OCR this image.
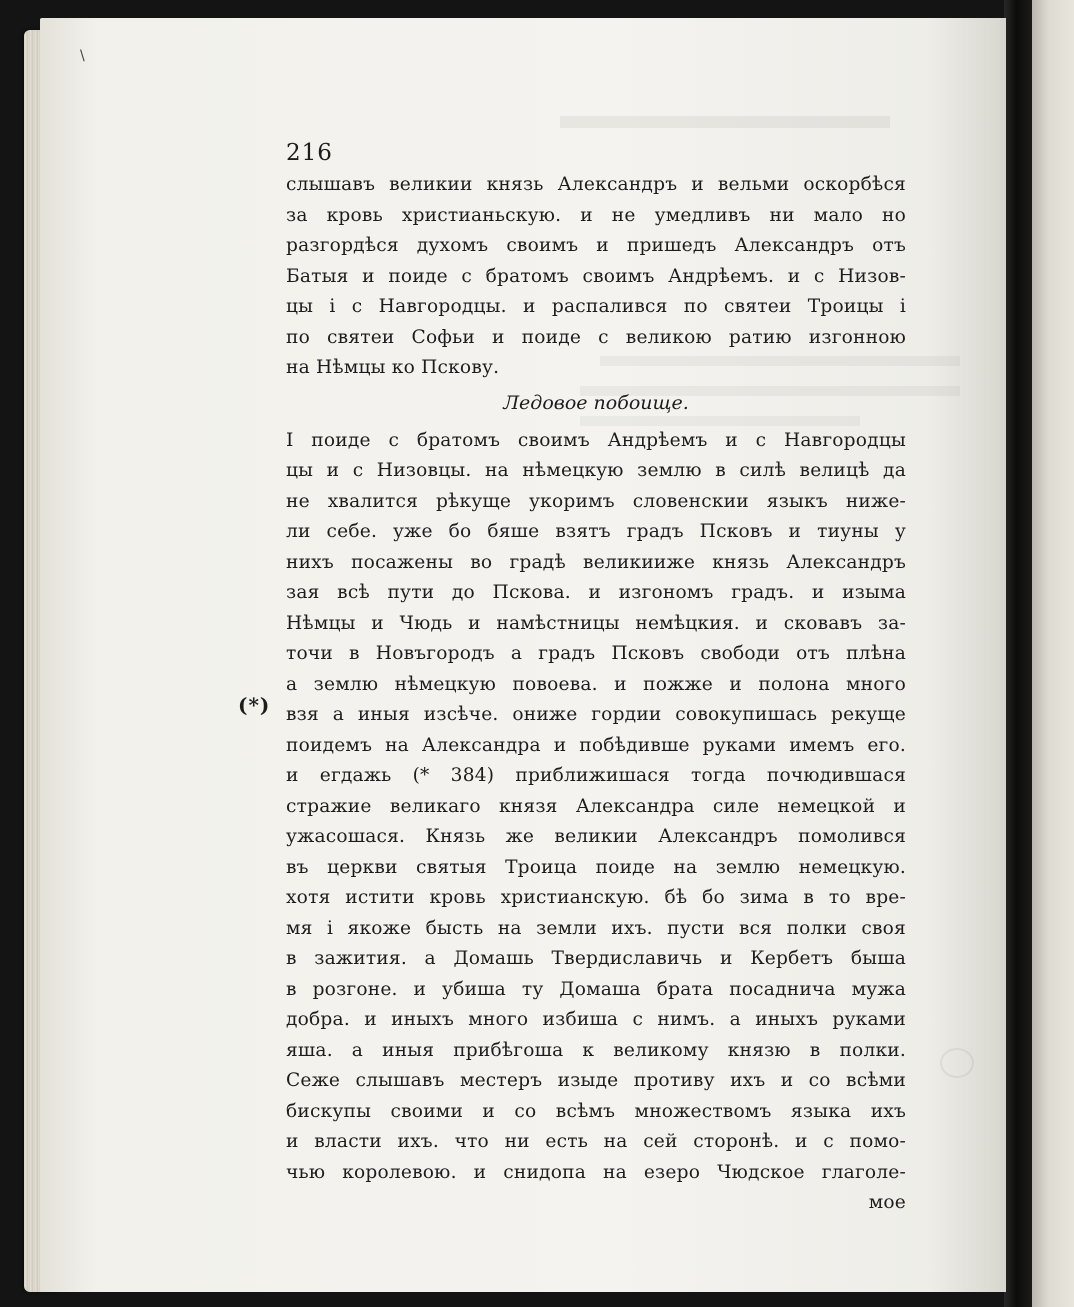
\
(*)
216
слышавъ великии князь Александръ и вельми оскорбѣся
за кровь христианьскую. и не умедливъ ни мало но
разгордѣся духомъ своимъ и пришедъ Александръ отъ
Батыя и поиде с братомъ своимъ Андрѣемъ. и с Низов-
цы і с Навгородцы. и распалився по святеи Троицы і
по святеи Софьи и поиде с великою ратию изгонною
на Нѣмцы ко Пскову.
Ледовое побоище.
І поиде с братомъ своимъ Андрѣемъ и с Навгородцы
цы и с Низовцы. на нѣмецкую землю в силѣ велицѣ да
не хвалится рѣкуще укоримъ словенскии языкъ ниже-
ли себе. уже бо бяше взятъ градъ Псковъ и тиуны у
нихъ посажены во градѣ великииже князь Александръ
зая всѣ пути до Пскова. и изгономъ градъ. и изыма
Нѣмцы и Чюдь и намѣстницы немѣцкия. и сковавъ за-
точи в Новъгородъ а градъ Псковъ свободи отъ плѣна
а землю нѣмецкую повоева. и пожже и полона много
взя а иныя изсѣче. ониже гордии совокупишась рекуще
поидемъ на Александра и побѣдивше руками имемъ его.
и егдажь (* 384) приближишася тогда почюдившася
стражие великаго князя Александра силе немецкой и
ужасошася. Князь же великии Александръ помолився
въ церкви святыя Троица поиде на землю немецкую.
хотя истити кровь христианскую. бѣ бо зима в то вре-
мя і якоже бысть на земли ихъ. пусти вся полки своя
в зажития. а Домашь Твердиславичь и Кербетъ быша
в розгоне. и убиша ту Домаша брата посаднича мужа
добра. и иныхъ много избиша с нимъ. а иныхъ руками
яша. а иныя прибѣгоша к великому князю в полки.
Сеже слышавъ местеръ изыде противу ихъ и со всѣми
бискупы своими и со всѣмъ множествомъ языка ихъ
и власти ихъ. что ни есть на сей сторонѣ. и с помо-
чью королевою. и снидопа на езеро Чюдское глаголе-
мое
